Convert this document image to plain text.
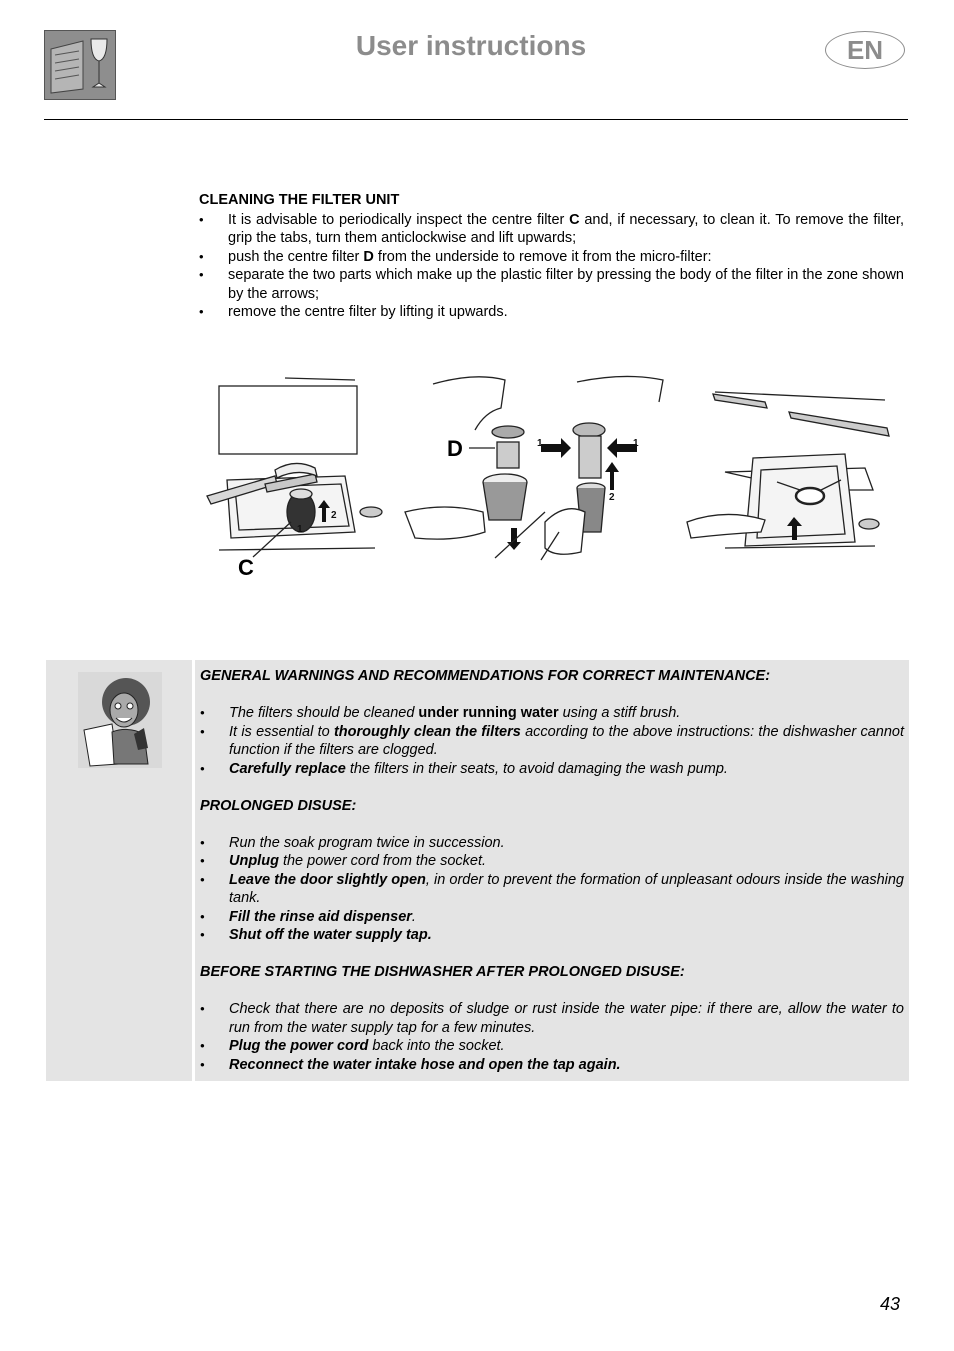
User instructions	EN
CLEANING THE FILTER UNIT
• It is advisable to periodically inspect the centre filter C and, if necessary, to clean it. To remove the filter, grip the tabs, turn them anticlockwise and lift upwards;
• push the centre filter D from the underside to remove it from the micro-filter:
• separate the two parts which make up the plastic filter by pressing the body of the filter in the zone shown by the arrows;
• remove the centre filter by lifting it upwards.
1
2
1	1
2
C
D
GENERAL WARNINGS AND RECOMMENDATIONS FOR CORRECT MAINTENANCE:
• The filters should be cleaned under running water using a stiff brush.
• It is essential to thoroughly clean the filters according to the above instructions: the dishwasher cannot function if the filters are clogged.
• Carefully replace the filters in their seats, to avoid damaging the wash pump.
PROLONGED DISUSE:
• Run the soak program twice in succession.
• Unplug the power cord from the socket.
• Leave the door slightly open, in order to prevent the formation of unpleasant odours inside the washing tank.
• Fill the rinse aid dispenser.
• Shut off the water supply tap.
BEFORE STARTING THE DISHWASHER AFTER PROLONGED DISUSE:
• Check that there are no deposits of sludge or rust inside the water pipe: if there are, allow the water to run from the water supply tap for a few minutes.
• Plug the power cord back into the socket.
• Reconnect the water intake hose and open the tap again.
43
